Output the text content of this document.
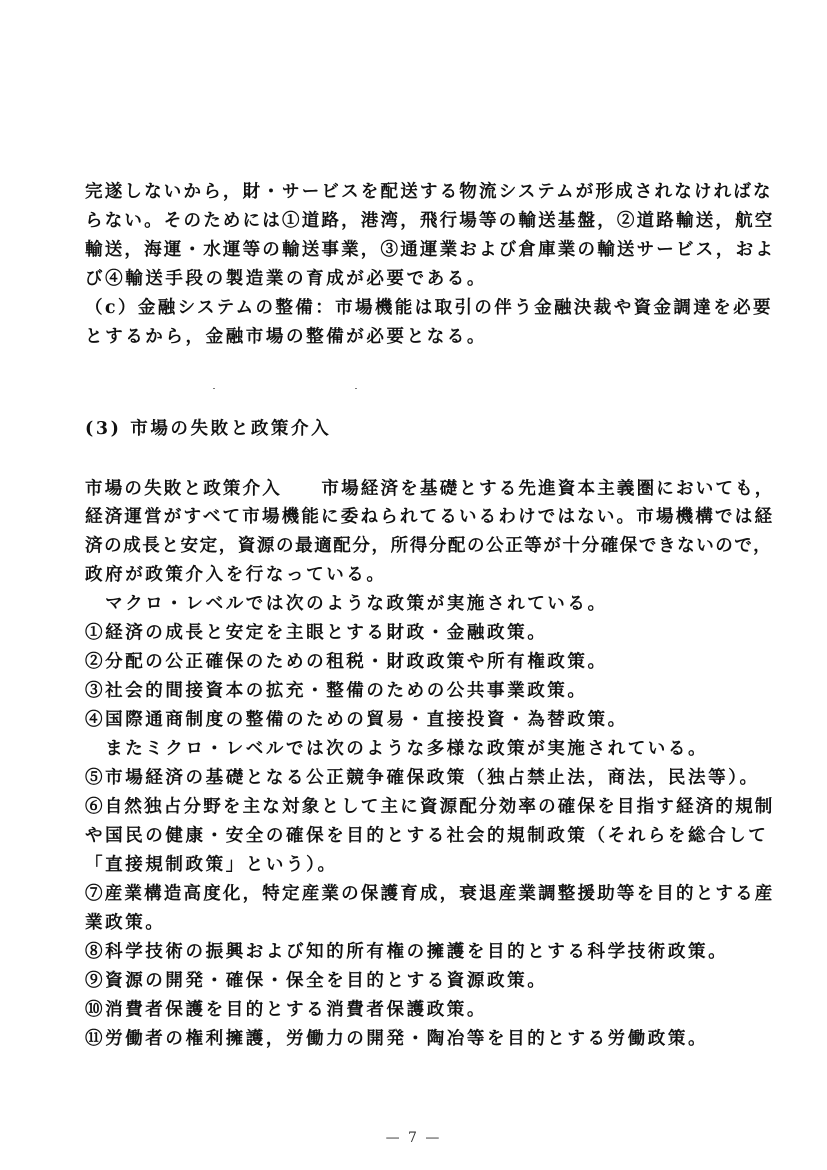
完遂しないから，財・サービスを配送する物流システムが形成されなければな
らない。そのためには①道路，港湾，飛行場等の輸送基盤，②道路輸送，航空
輸送，海運・水運等の輸送事業，③通運業および倉庫業の輸送サービス，およ
び④輸送手段の製造業の育成が必要である。
（c）金融システムの整備：市場機能は取引の伴う金融決裁や資金調達を必要
とするから，金融市場の整備が必要となる。
(3) 市場の失敗と政策介入
市場の失敗と政策介入　　市場経済を基礎とする先進資本主義圏においても，
経済運営がすべて市場機能に委ねられてるいるわけではない。市場機構では経
済の成長と安定，資源の最適配分，所得分配の公正等が十分確保できないので，
政府が政策介入を行なっている。
　マクロ・レベルでは次のような政策が実施されている。
①経済の成長と安定を主眼とする財政・金融政策。
②分配の公正確保のための租税・財政政策や所有権政策。
③社会的間接資本の拡充・整備のための公共事業政策。
④国際通商制度の整備のための貿易・直接投資・為替政策。
　またミクロ・レベルでは次のような多様な政策が実施されている。
⑤市場経済の基礎となる公正競争確保政策（独占禁止法，商法，民法等）。
⑥自然独占分野を主な対象として主に資源配分効率の確保を目指す経済的規制
や国民の健康・安全の確保を目的とする社会的規制政策（それらを総合して
「直接規制政策」という）。
⑦産業構造高度化，特定産業の保護育成，衰退産業調整援助等を目的とする産
業政策。
⑧科学技術の振興および知的所有権の擁護を目的とする科学技術政策。
⑨資源の開発・確保・保全を目的とする資源政策。
⑩消費者保護を目的とする消費者保護政策。
⑪労働者の権利擁護，労働力の開発・陶冶等を目的とする労働政策。
— 7 —
